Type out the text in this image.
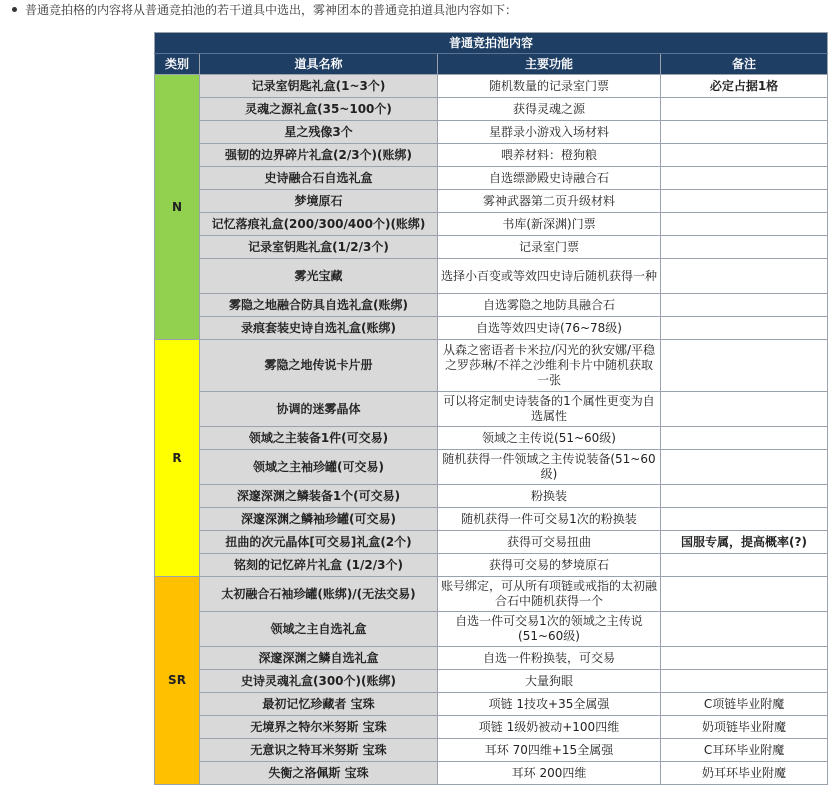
普通竞拍格的内容将从普通竞拍池的若干道具中选出，雾神团本的普通竞拍道具池内容如下：
普通竞拍池内容			
类别	道具名称	主要功能	备注
N	记录室钥匙礼盒(1~3个)	随机数量的记录室门票	必定占据1格
	灵魂之源礼盒(35~100个)	获得灵魂之源	
	星之残像3个	星群录小游戏入场材料	
	强韧的边界碎片礼盒(2/3个)(账绑)	喂养材料：橙狗粮	
	史诗融合石自选礼盒	自选缥渺殿史诗融合石	
	梦境原石	雾神武器第二页升级材料	
	记忆落痕礼盒(200/300/400个)(账绑)	书库(新深渊)门票	
	记录室钥匙礼盒(1/2/3个)	记录室门票	
	雾光宝藏	选择小百变或等效四史诗后随机获得一种	
	雾隐之地融合防具自选礼盒(账绑)	自选雾隐之地防具融合石	
	录痕套装史诗自选礼盒(账绑)	自选等效四史诗(76~78级)	
R	雾隐之地传说卡片册	从森之密语者卡米拉/闪光的狄安娜/平稳之罗莎琳/不祥之沙维利卡片中随机获取一张	
	协调的迷雾晶体	可以将定制史诗装备的1个属性更变为自选属性	
	领域之主装备1件(可交易)	领域之主传说(51~60级)	
	领域之主袖珍罐(可交易)	随机获得一件领域之主传说装备(51~60级)	
	深邃深渊之鳞装备1个(可交易)	粉换装	
	深邃深渊之鳞袖珍罐(可交易)	随机获得一件可交易1次的粉换装	
	扭曲的次元晶体[可交易]礼盒(2个)	获得可交易扭曲	国服专属，提高概率(?)
	铭刻的记忆碎片礼盒 (1/2/3个)	获得可交易的梦境原石	
SR	太初融合石袖珍罐(账绑)/(无法交易)	账号绑定，可从所有项链或戒指的太初融合石中随机获得一个	
	领域之主自选礼盒	自选一件可交易1次的领域之主传说(51~60级)	
	深邃深渊之鳞自选礼盒	自选一件粉换装，可交易	
	史诗灵魂礼盒(300个)(账绑)	大量狗眼	
	最初记忆珍藏者 宝珠	项链 1技攻+35全属强	C项链毕业附魔
	无境界之特尔米努斯 宝珠	项链 1级奶被动+100四维	奶项链毕业附魔
	无意识之特耳米努斯 宝珠	耳环 70四维+15全属强	C耳环毕业附魔
	失衡之洛佩斯 宝珠	耳环 200四维	奶耳环毕业附魔
